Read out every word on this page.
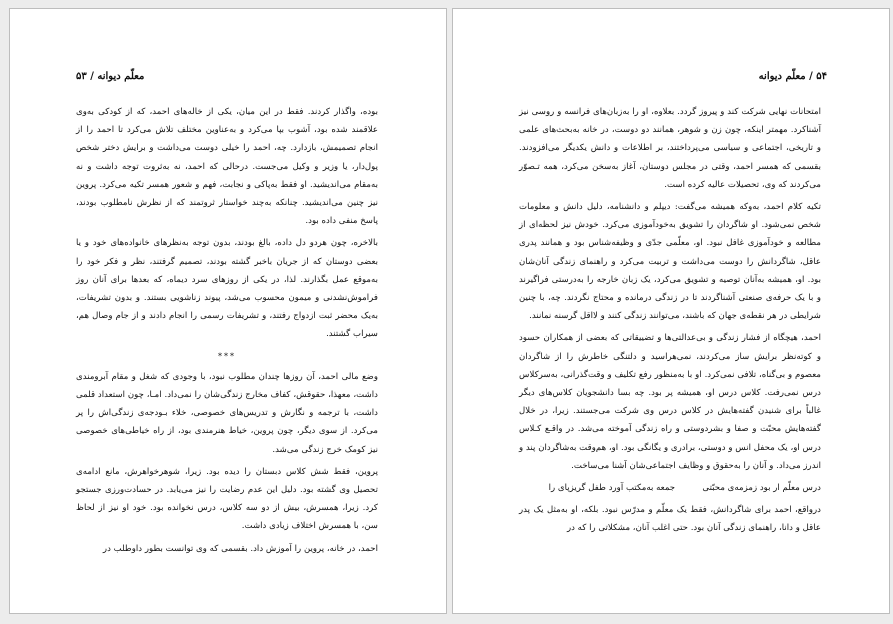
معلّم دیوانه / ۵۳

بوده، واگذار کردند. فقط در این میان، یکی از خاله‌های احمد، که از کودکی به‌وی علاقمند شده بود، آشوب بپا می‌کرد و به‌عناوین مختلف تلاش می‌کرد تا احمد را از انجام تصمیمش، بازدارد. چه، احمد را خیلی دوست می‌داشت و برایش دختر شخص پول‌دار، یا وزیر و وکیل می‌جست. درحالی که احمد، نه به‌ثروت توجه داشت و نه به‌مقام می‌اندیشید. او فقط به‌پاکی و نجابت، فهم و شعور همسر تکیه می‌کرد. پروین نیز چنین می‌اندیشید. چنانکه به‌چند خواستار ثروتمند که از نظرش نامطلوب بودند، پاسخ منفی داده بود.

بالاخره، چون هردو دل داده، بالغ بودند، بدون توجه به‌نظرهای خانواده‌های خود و یا بعضی دوستان که از جریان باخبر گشته بودند، تصمیم گرفتند، نظر و فکر خود را به‌موقع عمل بگذارند. لذا، در یکی از روزهای سرد دیماه، که بعدها برای آنان روز فراموش‌نشدنی و میمون محسوب می‌شد، پیوند زناشویی بستند. و بدون تشریفات، به‌یک محضر ثبت ازدواج رفتند، و تشریفات رسمی را انجام دادند و از جام وصال هم، سیراب گشتند.

***

وضع مالی احمد، آن روزها چندان مطلوب نبود، با وجودی که شغل و مقام آبرومندی داشت، معهذا، حقوقش، کفاف مخارج زندگی‌شان را نمی‌داد. امـا، چون استعداد قلمی داشت، با ترجمه و نگارش و تدریس‌های خصوصی، خلاء بـودجه‌ی زندگی‌اش را پر می‌کرد. از سوی دیگر، چون پروین، خیاط هنرمندی بود، از راه خیاطی‌های خصوصی نیز کومک خرج زندگی می‌شد.

پروین، فقط شش کلاس دبستان را دیده بود. زیرا، شوهرخواهرش، مانع ادامه‌ی تحصیل وی گشته بود. دلیل این عدم رضایت را نیز می‌یابد. در حسادت‌ورزی جستجو کرد. زیرا، همسرش، بیش از دو سه کلاس، درس نخوانده بود. خود او نیز از لحاظ سن، با همسرش اختلاف زیادی داشت.

احمد، در خانه، پروین را آموزش داد. بقسمی که وی توانست بطور داوطلب در

۵۴ / معلّم دیوانه

امتحانات نهایی شرکت کند و پیروز گردد. بعلاوه، او را به‌زبان‌های فرانسه و روسی نیز آشناکرد. مهمتر اینکه، چون زن و شوهر، همانند دو دوست، در خانه به‌بحث‌های علمی و تاریخی، اجتماعی و سیاسی می‌پرداختند، بر اطلاعات و دانش یکدیگر می‌افزودند. بقسمی که همسر احمد، وقتی در مجلس دوستان، آغاز به‌سخن می‌کرد، همه تـصوّر می‌کردند که وی، تحصیلات عالیه کرده است.

تکیه کلام احمد، به‌وکه همیشه می‌گفت: دیپلم و دانشنامه، دلیل دانش و معلومات شخص نمی‌شود. او شاگردان را تشویق به‌خودآموزی می‌کرد. خودش نیز لحظه‌ای از مطالعه و خودآموزی غافل نبود. او، معلّمی جدّی و وظیفه‌شناس بود و همانند پدری عاقل، شاگردانش را دوست می‌داشت و تربیت می‌کرد و راهنمای زندگی آنان‌شان بود. او، همیشه به‌آنان توصیه و تشویق می‌کرد، یک زبان خارجه را به‌درستی فراگیرند و با یک حرفه‌ی صنعتی آشناگردند تا در زندگی درمانده و محتاج نگردند. چه، با چنین شرایطی در هر نقطه‌ی جهان که باشند، می‌توانند زندگی کنند و لااقل گرسنه نمانند.

احمد، هیچگاه از فشار زندگی و بی‌عدالتی‌ها و تضییقاتی که بعضی از همکاران حسود و کوته‌نظر برایش ساز می‌کردند، نمی‌هراسید و دلتنگی خاطرش را از شاگردان معصوم و بی‌گناه، تلافی نمی‌کرد. او با به‌منظور رفع تکلیف و وقت‌گذرانی، به‌سرکلاس درس نمی‌رفت. کلاس درس او، همیشه پر بود. چه بسا دانشجویان کلاس‌های دیگر غالباً برای شنیدن گفته‌هایش در کلاس درس وی شرکت می‌جستند. زیرا، در خلال گفته‌هایش محبّت و صفا و بشردوستی و راه زندگی آموخته می‌شد. در واقـع کـلاس درس او، یک محفل انس و دوستی، برادری و یگانگی بود. او، هم‌وقت به‌شاگردان پند و اندرز می‌داد. و آنان را به‌حقوق و وظایف اجتماعی‌شان آشنا می‌ساخت.

درس معلّم ار بود زمزمه‌ی محبّتی          جمعه به‌مکتب آورد طفل گریزپای را

درواقع، احمد برای شاگردانش، فقط یک معلّم و مدرّس نبود. بلکه، او به‌مثل یک پدر عاقل و دانا، راهنمای زندگی آنان بود. حتی اغلب آنان، مشکلاتی را که در
